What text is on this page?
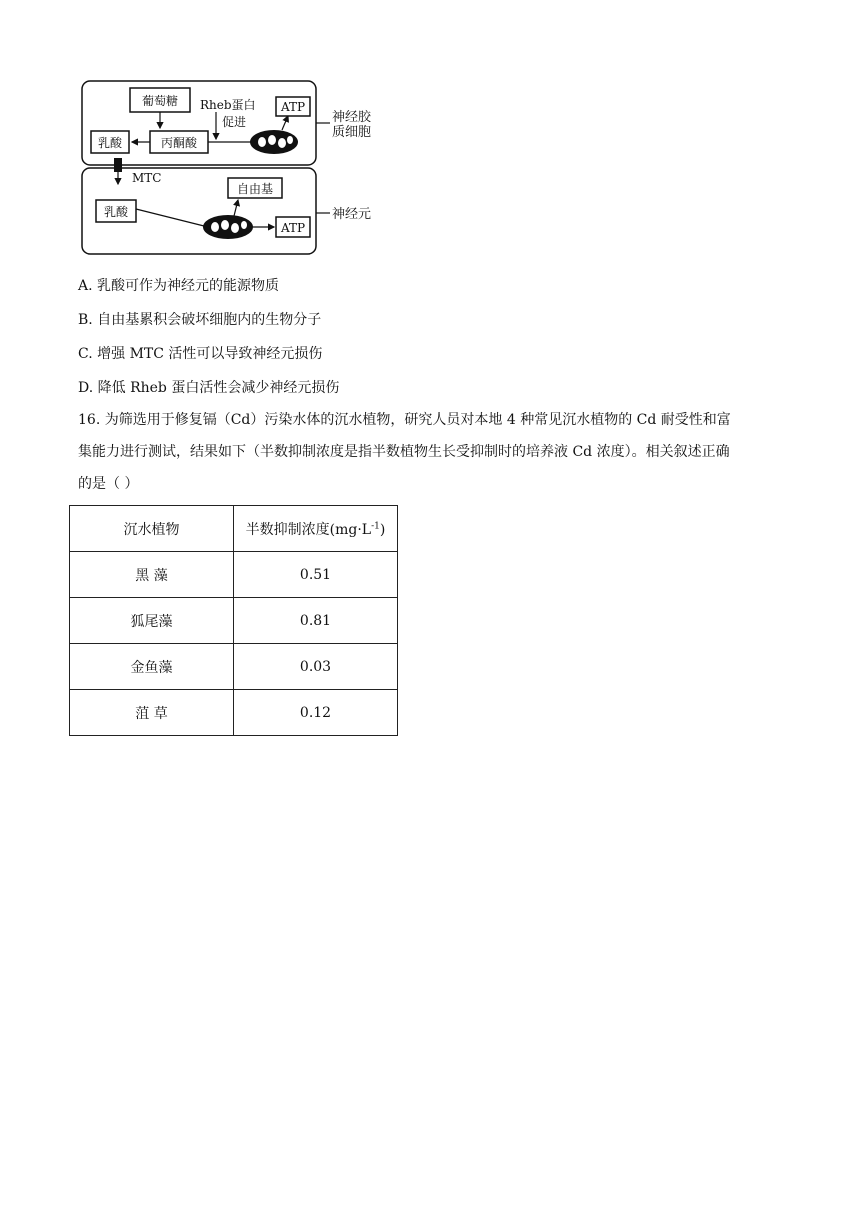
葡萄糖
丙酮酸
乳酸
Rheb蛋白
促进
ATP
MTC
乳酸
自由基
ATP
神经胶
质细胞
神经元
A. 乳酸可作为神经元的能源物质
B. 自由基累积会破坏细胞内的生物分子
C. 增强 MTC 活性可以导致神经元损伤
D. 降低 Rheb 蛋白活性会减少神经元损伤
16. 为筛选用于修复镉（Cd）污染水体的沉水植物，研究人员对本地 4 种常见沉水植物的 Cd 耐受性和富
集能力进行测试，结果如下（半数抑制浓度是指半数植物生长受抑制时的培养液 Cd 浓度）。相关叙述正确
的是（ ）
沉水植物	半数抑制浓度$(mg\cdot L^{-1})$
黑 藻	0.51
狐尾藻	0.81
金鱼藻	0.03
菹 草	0.12
